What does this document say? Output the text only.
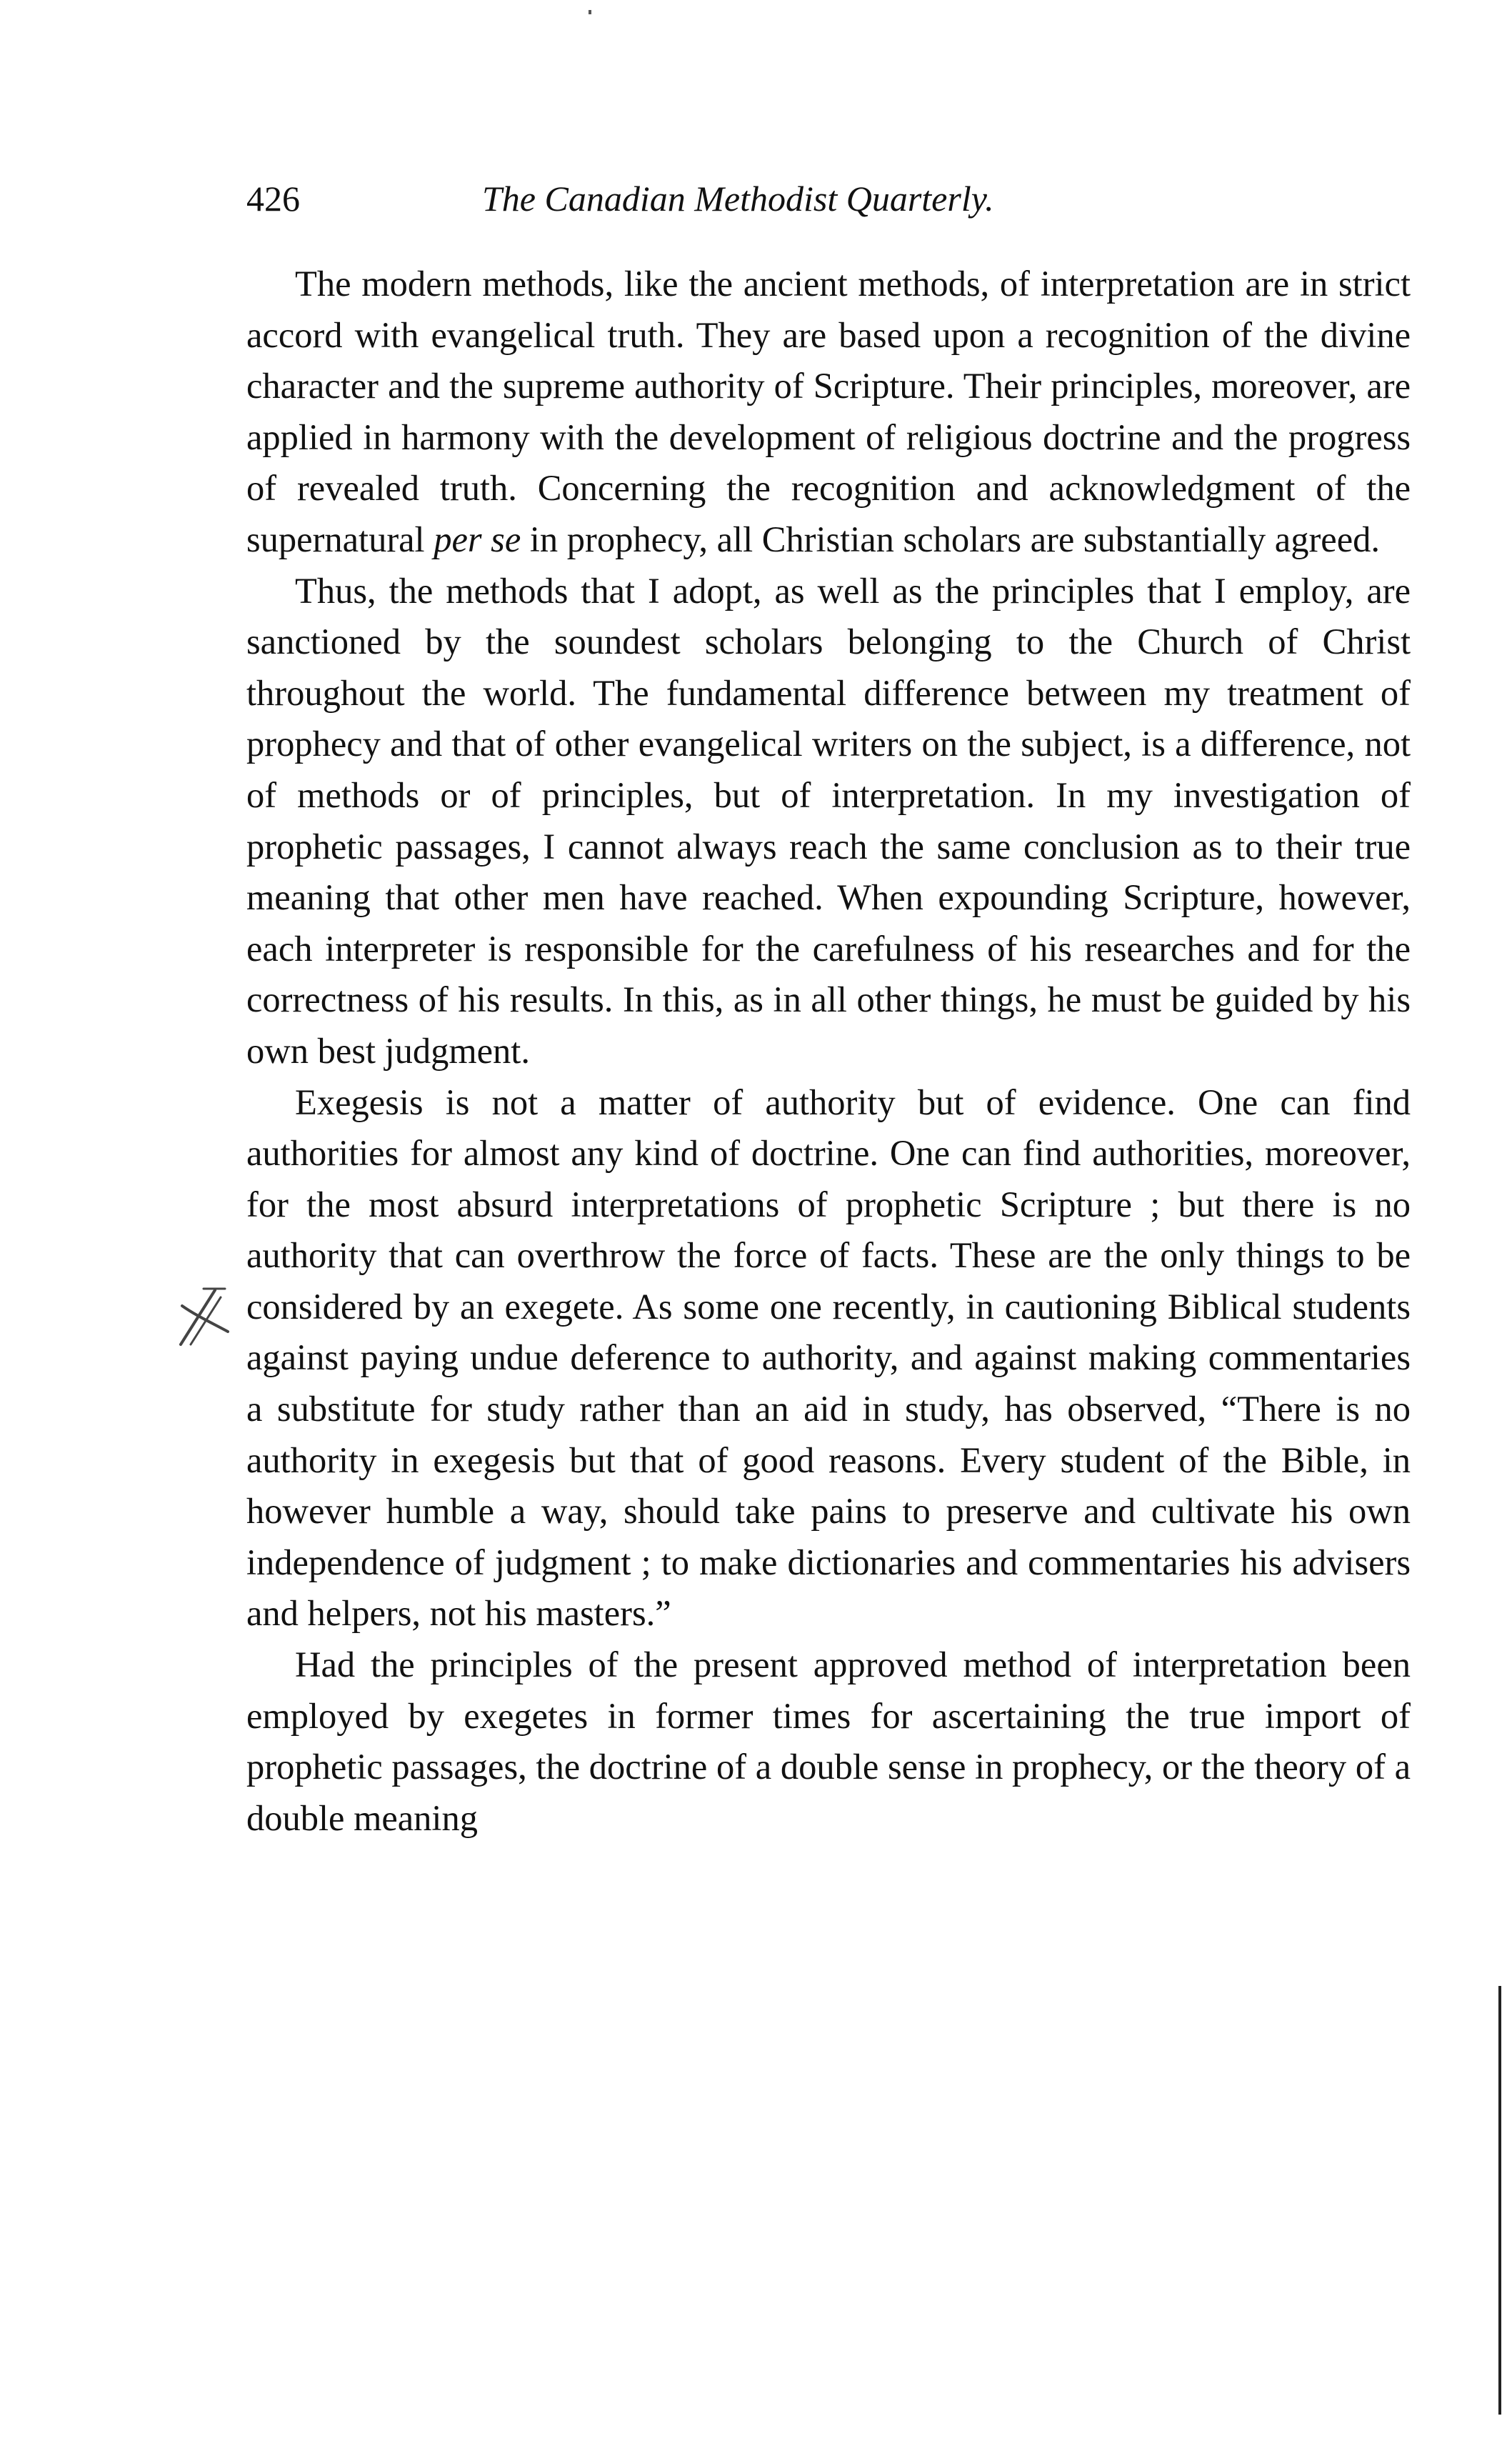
426	The Canadian Methodist Quarterly.

The modern methods, like the ancient methods, of interpretation are in strict accord with evangelical truth. They are based upon a recognition of the divine character and the supreme authority of Scripture. Their principles, moreover, are applied in harmony with the development of religious doctrine and the progress of revealed truth. Concerning the recognition and acknowledgment of the supernatural per se in prophecy, all Christian scholars are substantially agreed.

Thus, the methods that I adopt, as well as the principles that I employ, are sanctioned by the soundest scholars belonging to the Church of Christ throughout the world. The fundamental difference between my treatment of prophecy and that of other evangelical writers on the subject, is a difference, not of methods or of principles, but of interpretation. In my investigation of prophetic passages, I cannot always reach the same conclusion as to their true meaning that other men have reached. When expounding Scripture, however, each interpreter is responsible for the carefulness of his researches and for the correctness of his results. In this, as in all other things, he must be guided by his own best judgment.

Exegesis is not a matter of authority but of evidence. One can find authorities for almost any kind of doctrine. One can find authorities, moreover, for the most absurd interpretations of prophetic Scripture ; but there is no authority that can overthrow the force of facts. These are the only things to be considered by an exegete. As some one recently, in cautioning Biblical students against paying undue deference to authority, and against making commentaries a substitute for study rather than an aid in study, has observed, “There is no authority in exegesis but that of good reasons. Every student of the Bible, in however humble a way, should take pains to preserve and cultivate his own independence of judgment ; to make dictionaries and commentaries his advisers and helpers, not his masters.”

Had the principles of the present approved method of interpretation been employed by exegetes in former times for ascertaining the true import of prophetic passages, the doctrine of a double sense in prophecy, or the theory of a double meaning
